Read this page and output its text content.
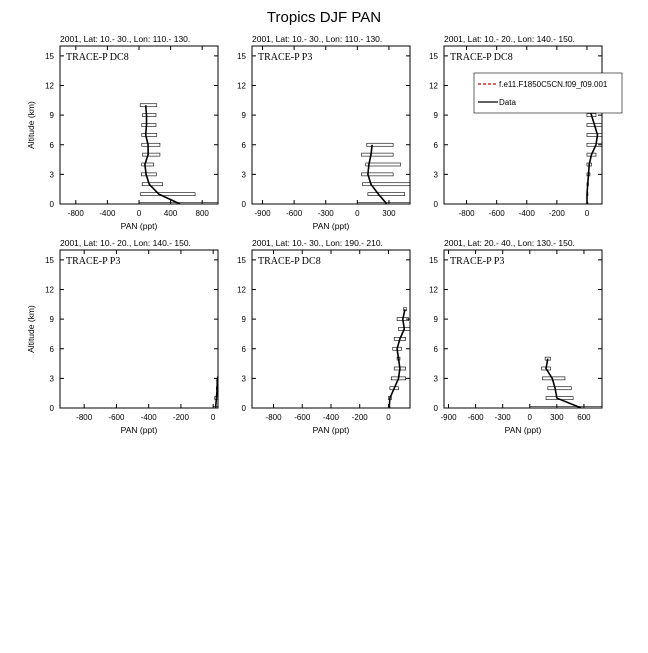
Tropics DJF PAN
2001, Lat: 10.- 30., Lon: 110.- 130.
TRACE-P DC8
0
3
6
9
12
15
-800 -400	0	400 800
PAN (ppt)
Altitude (km)
2001, Lat: 10.- 30., Lon: 110.- 130.
TRACE-P P3
0
3
6
9
12
15
-900 -600 -300	0	300
PAN (ppt)
2001, Lat: 10.- 20., Lon: 140.- 150.
TRACE-P DC8
0
3
6
9
12
15
-800 -600 -400 -200 0
f.e11.F1850C5CN.f09_f09.001
Data
2001, Lat: 10.- 20., Lon: 140.- 150.
TRACE-P P3
0
3
6
9
12
15
-800 -600 -400 -200	0
PAN (ppt)
Altitude (km)
2001, Lat: 10.- 30., Lon: 190.- 210.
TRACE-P DC8
0
3
6
9
12
15
-800 -600 -400 -200 0
PAN (ppt)
2001, Lat: 20.- 40., Lon: 130.- 150.
TRACE-P P3
0
3
6
9
12
15
-900 -600 -300 0 300 600
PAN (ppt)
